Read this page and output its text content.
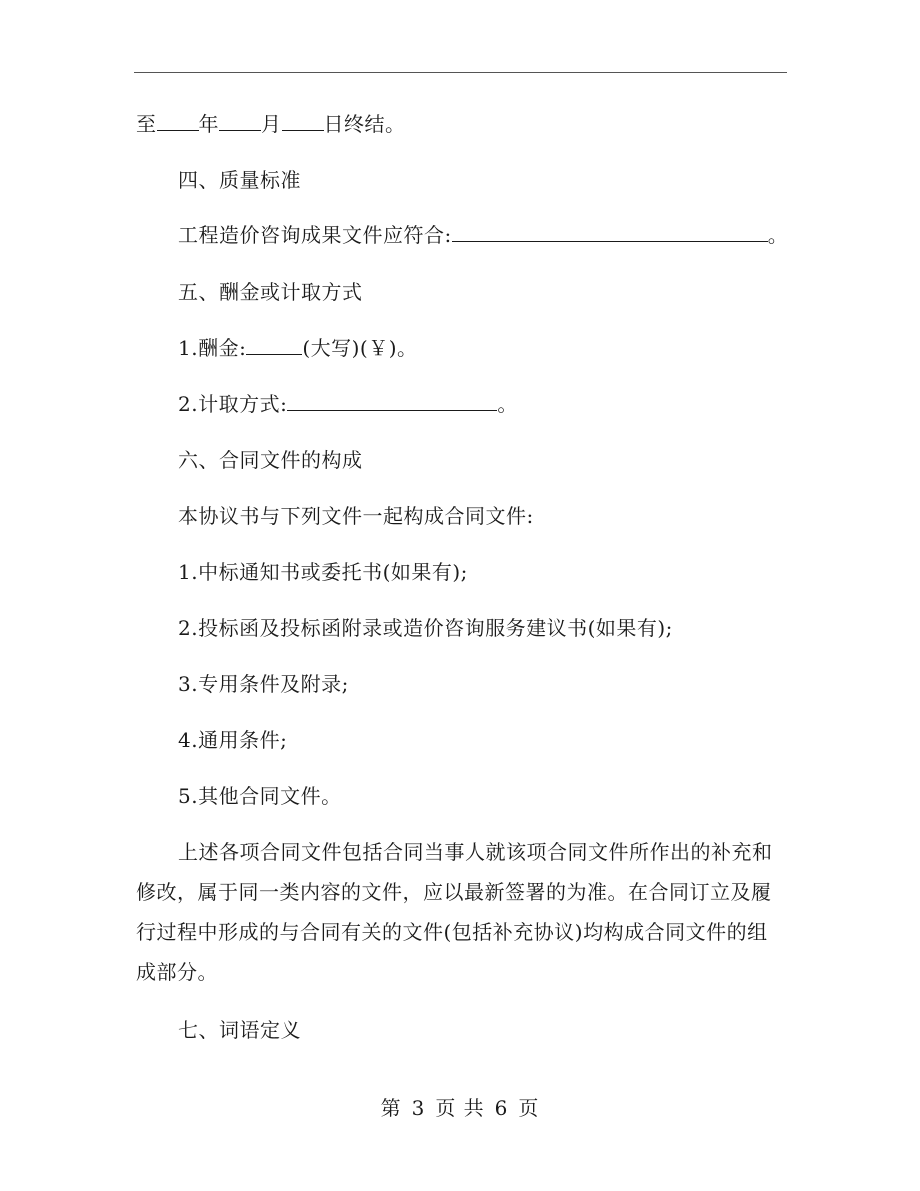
至 年 月 日终结。
四、质量标准
工程造价咨询成果文件应符合:	。
五、酬金或计取方式
1.酬金:	(大写)(￥)。
2.计取方式:	。
六、合同文件的构成
本协议书与下列文件一起构成合同文件:
1.中标通知书或委托书(如果有);
2.投标函及投标函附录或造价咨询服务建议书(如果有);
3.专用条件及附录;
4.通用条件;
5.其他合同文件。

上述各项合同文件包括合同当事人就该项合同文件所作出的补充和修改，属于同一类内容的文件，应以最新签署的为准。在合同订立及履行过程中形成的与合同有关的文件(包括补充协议)均构成合同文件的组成部分。

七、词语定义
第 3 页 共 6 页
